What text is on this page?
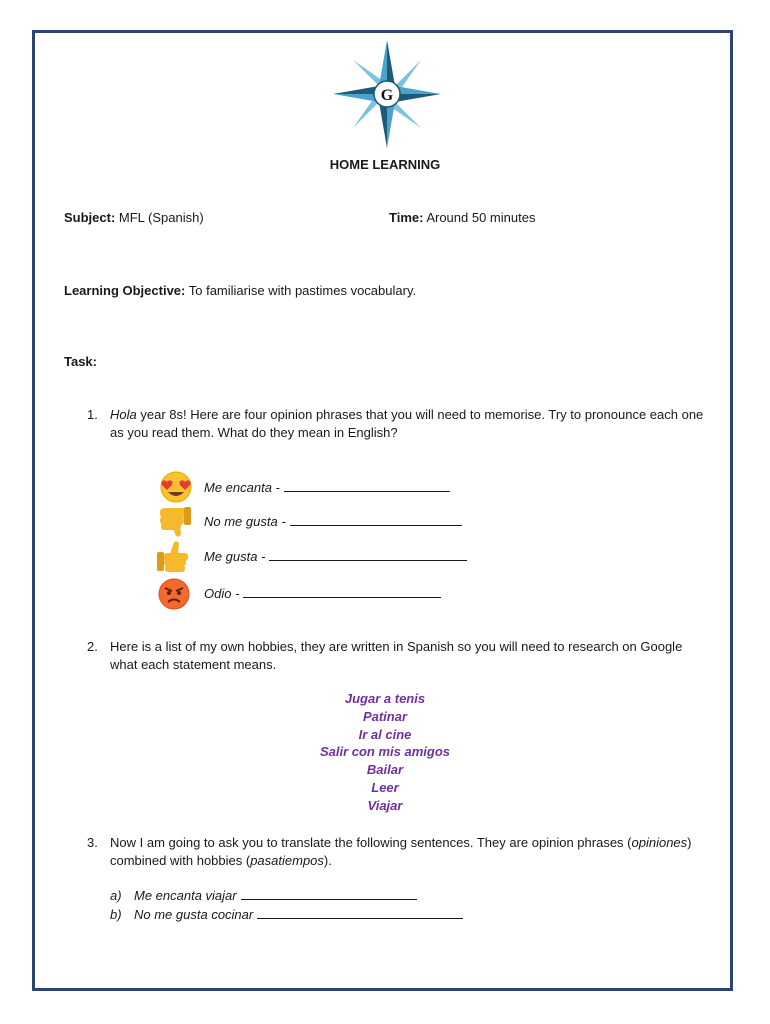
G
HOME LEARNING
Subject: MFL (Spanish)	Time: Around 50 minutes
Learning Objective: To familiarise with pastimes vocabulary.
Task:
1. Hola year 8s! Here are four opinion phrases that you will need to memorise. Try to pronounce each one as you read them. What do they mean in English?
Me encanta -
No me gusta -
Me gusta -
Odio -
2. Here is a list of my own hobbies, they are written in Spanish so you will need to research on Google what each statement means.
Jugar a tenis
Patinar
Ir al cine
Salir con mis amigos
Bailar
Leer
Viajar
3. Now I am going to ask you to translate the following sentences. They are opinion phrases (opiniones) combined with hobbies (pasatiempos).
a) Me encanta viajar
b) No me gusta cocinar
